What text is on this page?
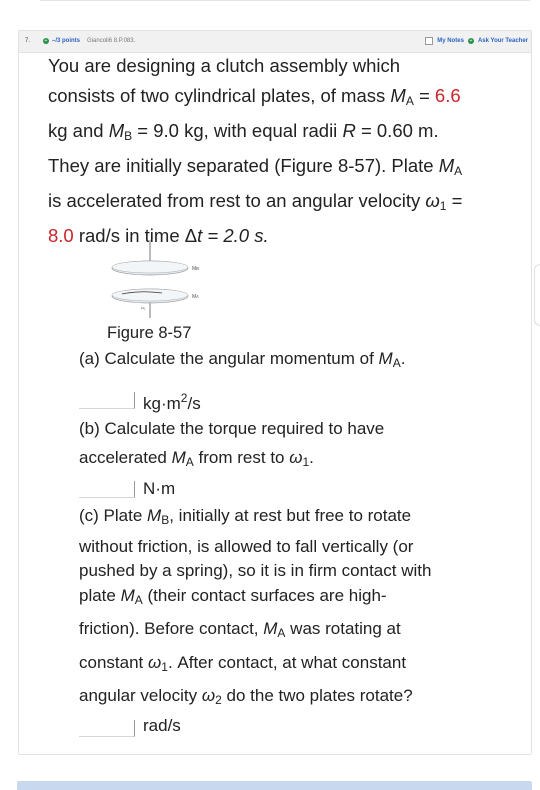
7.	+ –/3 points Giancoli6 8.P.083.	My Notes	+ Ask Your Teacher

You are designing a clutch assembly which

consists of two cylindrical plates, of mass $M_A = 6.6$

kg and $M_B = 9.0$ kg, with equal radii R = 0.60 m.

They are initially separated (Figure 8-57). Plate $M_A$

is accelerated from rest to an angular velocity $\omega_1$ =

8.0 rad/s in time Δt = 2.0 s.

Mʙ
Mᴀ
ω₁
Figure 8-57
(a) Calculate the angular momentum of $M_A$.
$kg\cdot m^2/s$
(b) Calculate the torque required to have
accelerated $M_A$ from rest to $\omega_1$.
N·m
(c) Plate $M_B$, initially at rest but free to rotate
without friction, is allowed to fall vertically (or
pushed by a spring), so it is in firm contact with
plate $M_A$ (their contact surfaces are high-
friction). Before contact, $M_A$ was rotating at
constant $\omega_1$. After contact, at what constant
angular velocity $\omega_2$ do the two plates rotate?
rad/s
